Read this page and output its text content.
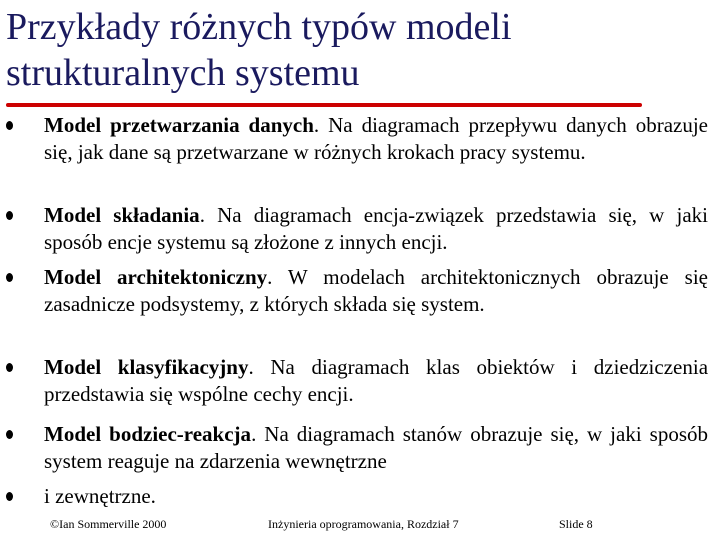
Przykłady różnych typów modeli
strukturalnych systemu
Model przetwarzania danych. Na diagramach przepływu danych obrazuje się, jak dane są przetwarzane w różnych krokach pracy systemu.
Model składania. Na diagramach encja-związek przedstawia się, w jaki sposób encje systemu są złożone z innych encji.
Model architektoniczny. W modelach architektonicznych obrazuje się zasadnicze podsystemy, z których składa się system.
Model klasyfikacyjny. Na diagramach klas obiektów i dziedziczenia przedstawia się wspólne cechy encji.
Model bodziec-reakcja. Na diagramach stanów obrazuje się, w jaki sposób system reaguje na zdarzenia wewnętrzne
i zewnętrzne.
©Ian Sommerville 2000	Inżynieria oprogramowania, Rozdział 7	Slide 8
